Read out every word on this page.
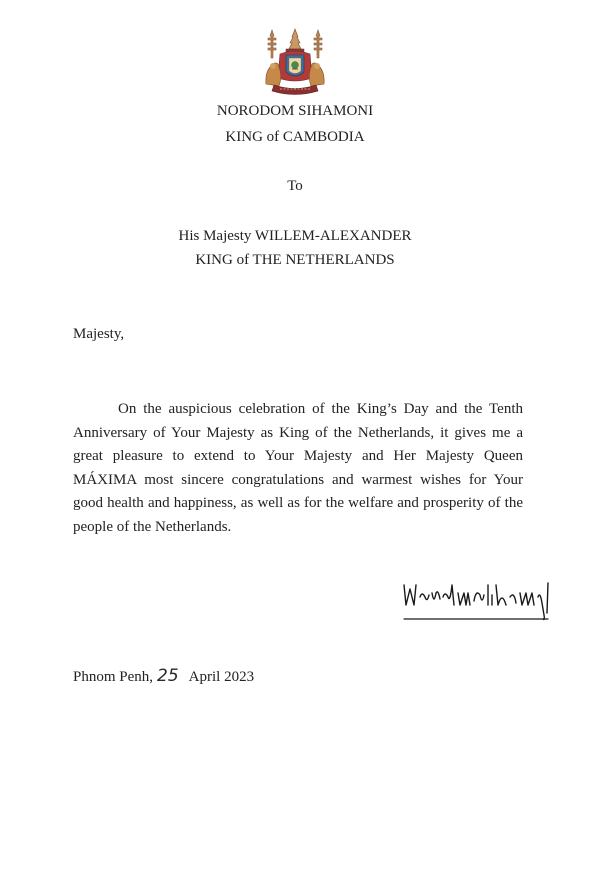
NORODOM SIHAMONI
KING of CAMBODIA
To
His Majesty WILLEM-ALEXANDER
KING of THE NETHERLANDS
Majesty,

On the auspicious celebration of the King’s Day and the Tenth Anniversary of Your Majesty as King of the Netherlands, it gives me a great pleasure to extend to Your Majesty and Her Majesty Queen MÁXIMA most sincere congratulations and warmest wishes for Your good health and happiness, as well as for the welfare and prosperity of the people of the Netherlands.

Phnom Penh, 25 April 2023
